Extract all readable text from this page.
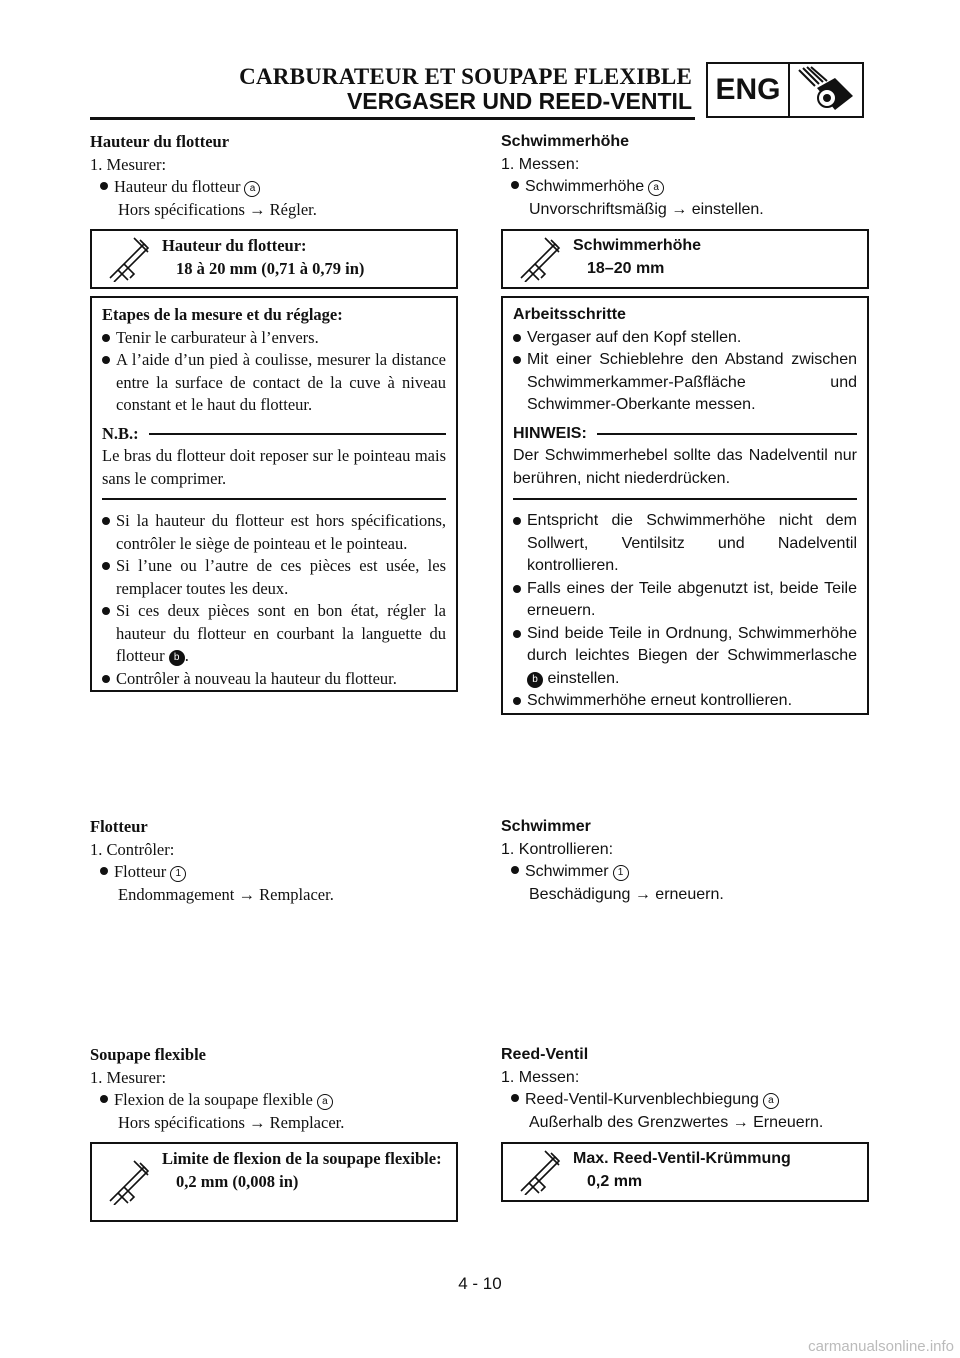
CARBURATEUR ET SOUPAPE FLEXIBLE
VERGASER UND REED-VENTIL ENG

Hauteur du flotteur

1. Mesurer:

Hauteur du flotteur a

Hors spécifications → Régler.

Hauteur du flotteur:

18 à 20 mm (0,71 à 0,79 in)

Etapes de la mesure et du réglage:

Tenir le carburateur à l’envers.
A l’aide d’un pied à coulisse, mesurer la distance entre la surface de contact de la cuve à niveau constant et le haut du flotteur.
N.B.:

Le bras du flotteur doit reposer sur le pointeau mais sans le comprimer.

Si la hauteur du flotteur est hors spécifications, contrôler le siège de pointeau et le pointeau.
Si l’une ou l’autre de ces pièces est usée, les remplacer toutes les deux.
Si ces deux pièces sont en bon état, régler la hauteur du flotteur en courbant la languette du flotteur b .
Contrôler à nouveau la hauteur du flotteur.

Flotteur

1. Contrôler:

Flotteur 1

Endommagement → Remplacer.

Soupape flexible

1. Mesurer:

Flexion de la soupape flexible a

Hors spécifications → Remplacer.

Limite de flexion de la soupape flexible:

0,2 mm (0,008 in)

Schwimmerhöhe

1. Messen:

Schwimmerhöhe a

Unvorschriftsmäßig → einstellen.

Schwimmerhöhe

18–20 mm

Arbeitsschritte

Vergaser auf den Kopf stellen.
Mit einer Schieblehre den Abstand zwischen Schwimmerkammer-Paßfläche und Schwimmer-Oberkante messen.
HINWEIS:

Der Schwimmerhebel sollte das Nadelventil nur berühren, nicht niederdrücken.

Entspricht die Schwimmerhöhe nicht dem Sollwert, Ventilsitz und Nadelventil kontrollieren.
Falls eines der Teile abgenutzt ist, beide Teile erneuern.
Sind beide Teile in Ordnung, Schwimmerhöhe durch leichtes Biegen der Schwimmerlasche b einstellen.
Schwimmerhöhe erneut kontrollieren.

Schwimmer

1. Kontrollieren:

Schwimmer 1

Beschädigung → erneuern.

Reed-Ventil

1. Messen:

Reed-Ventil-Kurvenblechbiegung a

Außerhalb des Grenzwertes → Erneuern.

Max. Reed-Ventil-Krümmung

0,2 mm

4 - 10
carmanualsonline.info
